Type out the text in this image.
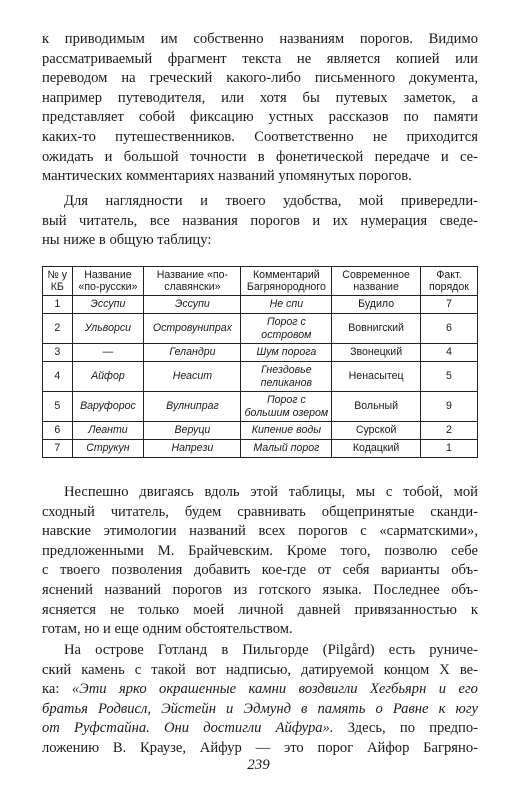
к приводимым им собственно названиям порогов. Видимо
рассматриваемый фрагмент текста не является копией или
переводом на греческий какого-либо письменного документа,
например путеводителя, или хотя бы путевых заметок, а
представляет собой фиксацию устных рассказов по памяти
каких-то путешественников. Соответственно не приходится
ожидать и большой точности в фонетической передаче и се-
мантических комментариях названий упомянутых порогов.
Для наглядности и твоего удобства, мой привередли-
вый читатель, все названия порогов и их нумерация сведе-
ны ниже в общую таблицу:
№ у КБ	Название «по-русски»	Название «по-славянски»	Комментарий Багрянородного	Современное название	Факт. порядок
1	Эссупи	Эссупи	Не спи	Будило	7
2	Ульворси	Островунипрах	Порог с островом	Вовнигский	6
3	—	Геландри	Шум порога	Звонецкий	4
4	Айфор	Неасит	Гнездовье пеликанов	Ненасытец	5
5	Варуфорос	Вулнипраг	Порог с большим озером	Вольный	9
6	Леанти	Веруци	Кипение воды	Сурской	2
7	Струкун	Напрези	Малый порог	Кодацкий	1
Неспешно двигаясь вдоль этой таблицы, мы с тобой, мой
сходный читатель, будем сравнивать общепринятые сканди-
навские этимологии названий всех порогов с «сарматскими»,
предложенными М. Брайчевским. Кроме того, позволю себе
с твоего позволения добавить кое-где от себя варианты объ-
яснений названий порогов из готского языка. Последнее объ-
ясняется не только моей личной давней привязанностью к
готам, но и еще одним обстоятельством.
На острове Готланд в Пильгорде (Pilgård) есть руниче-
ский камень с такой вот надписью, датируемой концом X ве-
ка: «Эти ярко окрашенные камни воздвигли Хегбьярн и его
братья Родвисл, Эйстейн и Эдмунд в память о Равне к югу
от Руфстайна. Они достигли Айфура». Здесь, по предпо-
ложению В. Краузе, Айфур — это порог Айфор Багряно-
239
